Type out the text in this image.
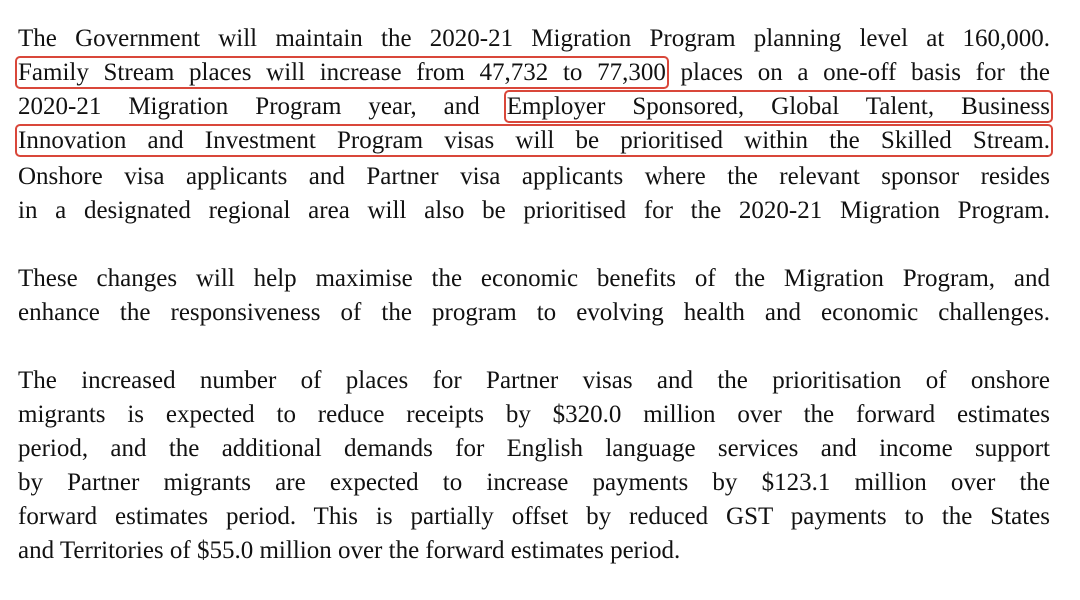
The Government will maintain the 2020-21 Migration Program planning level at 160,000.
Family Stream places will increase from 47,732 to 77,300 places on a one-off basis for the
2020-21 Migration Program year, and Employer Sponsored, Global Talent, Business
Innovation and Investment Program visas will be prioritised within the Skilled Stream.
Onshore visa applicants and Partner visa applicants where the relevant sponsor resides
in a designated regional area will also be prioritised for the 2020-21 Migration Program.
These changes will help maximise the economic benefits of the Migration Program, and
enhance the responsiveness of the program to evolving health and economic challenges.
The increased number of places for Partner visas and the prioritisation of onshore
migrants is expected to reduce receipts by $320.0 million over the forward estimates
period, and the additional demands for English language services and income support
by Partner migrants are expected to increase payments by $123.1 million over the
forward estimates period. This is partially offset by reduced GST payments to the States
and Territories of $55.0 million over the forward estimates period.
